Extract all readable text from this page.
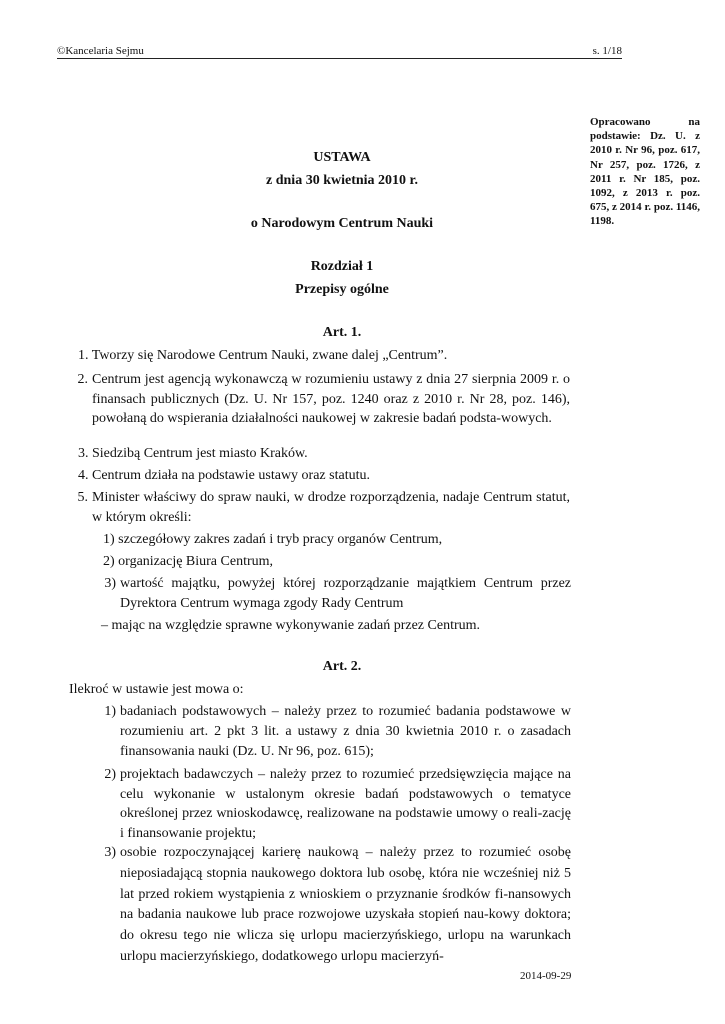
©Kancelaria Sejmu	s. 1/18
Opracowano na podstawie: Dz. U. z 2010 r. Nr 96, poz. 617, Nr 257, poz. 1726, z 2011 r. Nr 185, poz. 1092, z 2013 r. poz. 675, z 2014 r. poz. 1146, 1198.
USTAWA
z dnia 30 kwietnia 2010 r.
o Narodowym Centrum Nauki
Rozdział 1
Przepisy ogólne
Art. 1.
1. Tworzy się Narodowe Centrum Nauki, zwane dalej „Centrum”.
2. Centrum jest agencją wykonawczą w rozumieniu ustawy z dnia 27 sierpnia 2009 r. o finansach publicznych (Dz. U. Nr 157, poz. 1240 oraz z 2010 r. Nr 28, poz. 146), powołaną do wspierania działalności naukowej w zakresie badań podsta-wowych.
3. Siedzibą Centrum jest miasto Kraków.
4. Centrum działa na podstawie ustawy oraz statutu.
5. Minister właściwy do spraw nauki, w drodze rozporządzenia, nadaje Centrum statut, w którym określi:
1) szczegółowy zakres zadań i tryb pracy organów Centrum,
2) organizację Biura Centrum,
3) wartość majątku, powyżej której rozporządzanie majątkiem Centrum przez Dyrektora Centrum wymaga zgody Rady Centrum
– mając na względzie sprawne wykonywanie zadań przez Centrum.
Art. 2.
Ilekroć w ustawie jest mowa o:
1) badaniach podstawowych – należy przez to rozumieć badania podstawowe w rozumieniu art. 2 pkt 3 lit. a ustawy z dnia 30 kwietnia 2010 r. o zasadach finansowania nauki (Dz. U. Nr 96, poz. 615);
2) projektach badawczych – należy przez to rozumieć przedsięwzięcia mające na celu wykonanie w ustalonym okresie badań podstawowych o tematyce określonej przez wnioskodawcę, realizowane na podstawie umowy o reali-zację i finansowanie projektu;
3) osobie rozpoczynającej karierę naukową – należy przez to rozumieć osobę nieposiadającą stopnia naukowego doktora lub osobę, która nie wcześniej niż 5 lat przed rokiem wystąpienia z wnioskiem o przyznanie środków fi-nansowych na badania naukowe lub prace rozwojowe uzyskała stopień nau-kowy doktora; do okresu tego nie wlicza się urlopu macierzyńskiego, urlopu na warunkach urlopu macierzyńskiego, dodatkowego urlopu macierzyń-
2014-09-29
